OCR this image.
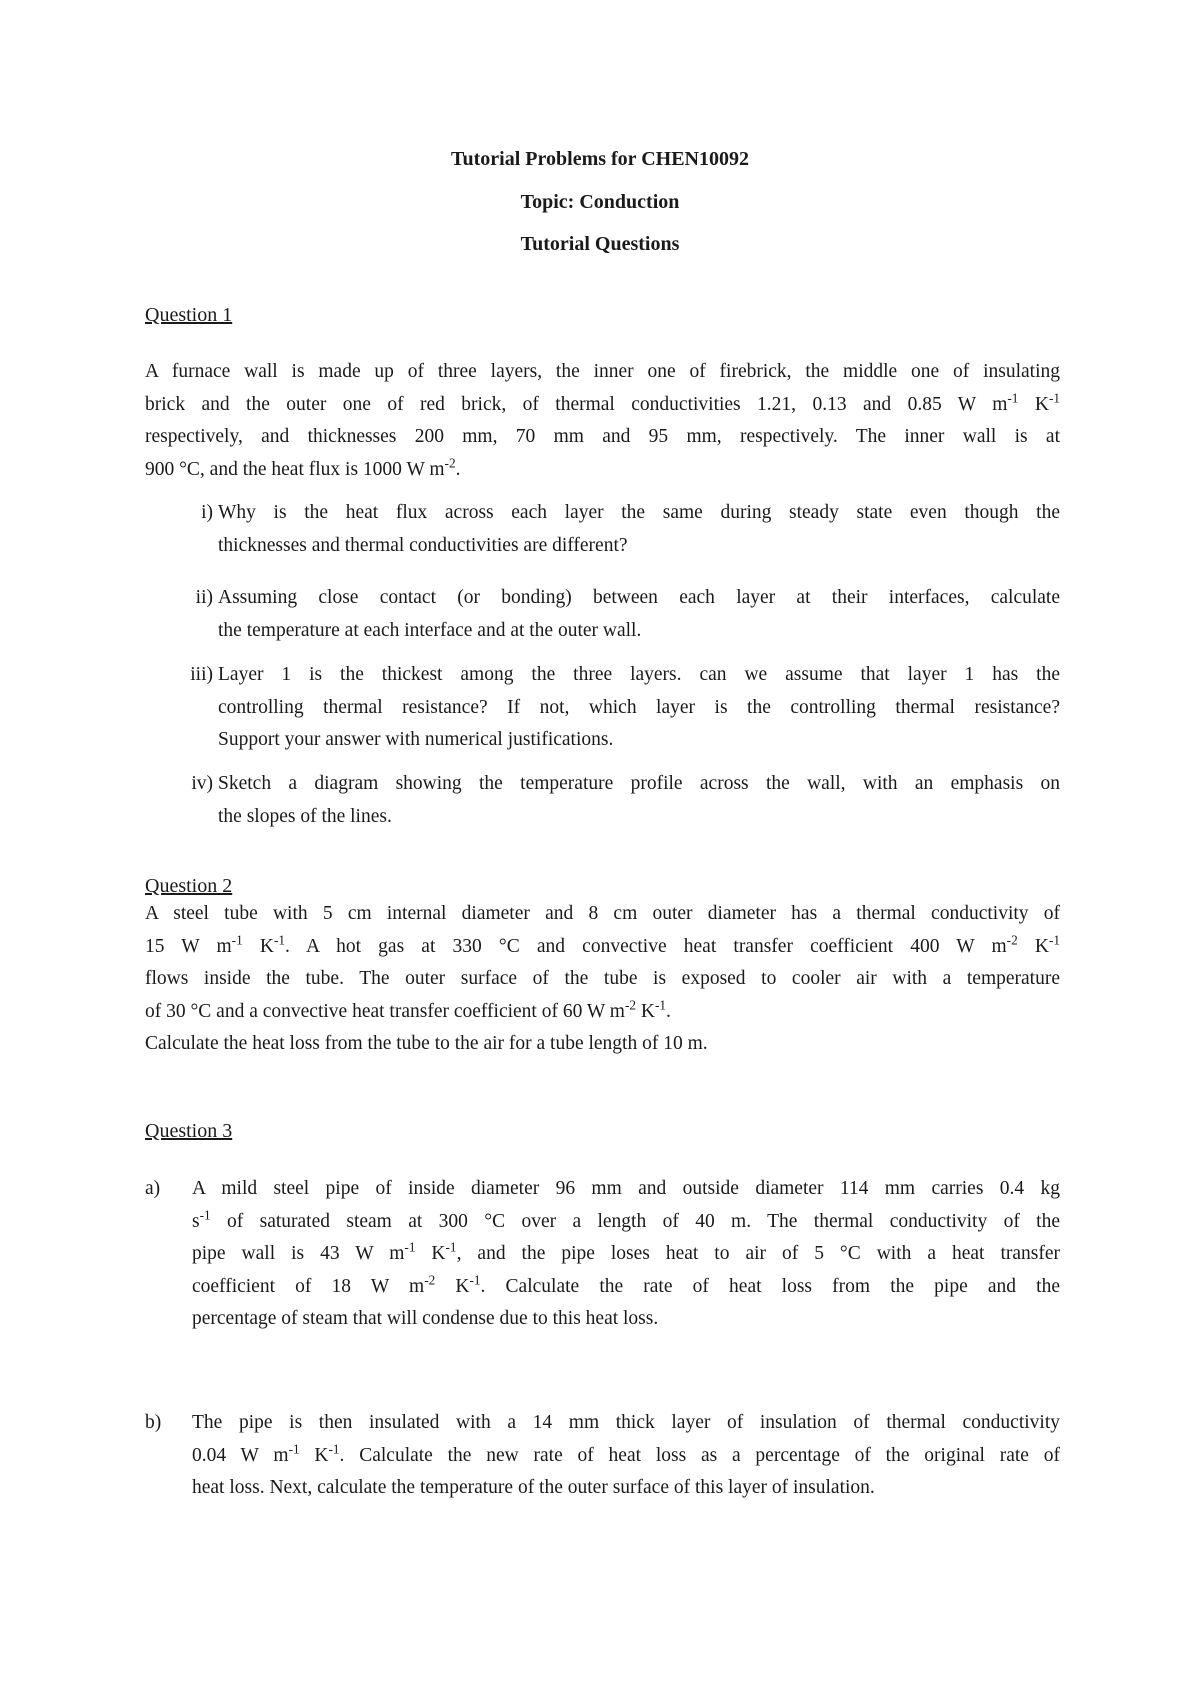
Tutorial Problems for CHEN10092
Topic: Conduction
Tutorial Questions
Question 1
A furnace wall is made up of three layers, the inner one of firebrick, the middle one of insulating
brick and the outer one of red brick, of thermal conductivities 1.21, 0.13 and 0.85 W $m^{-1}$ $K^{-1}$
respectively, and thicknesses 200 mm, 70 mm and 95 mm, respectively. The inner wall is at
900 °C, and the heat flux is 1000 W $m^{-2}$.
i) Why is the heat flux across each layer the same during steady state even though the
thicknesses and thermal conductivities are different?
ii) Assuming close contact (or bonding) between each layer at their interfaces, calculate
the temperature at each interface and at the outer wall.
iii) Layer 1 is the thickest among the three layers. can we assume that layer 1 has the
controlling thermal resistance? If not, which layer is the controlling thermal resistance?
Support your answer with numerical justifications.
iv) Sketch a diagram showing the temperature profile across the wall, with an emphasis on
the slopes of the lines.
Question 2
A steel tube with 5 cm internal diameter and 8 cm outer diameter has a thermal conductivity of
15 W $m^{-1}$ $K^{-1}$. A hot gas at 330 °C and convective heat transfer coefficient 400 W $m^{-2}$ $K^{-1}$
flows inside the tube. The outer surface of the tube is exposed to cooler air with a temperature
of 30 °C and a convective heat transfer coefficient of 60 W $m^{-2}$ $K^{-1}$.
Calculate the heat loss from the tube to the air for a tube length of 10 m.
Question 3
a) A mild steel pipe of inside diameter 96 mm and outside diameter 114 mm carries 0.4 kg
$s^{-1}$ of saturated steam at 300 °C over a length of 40 m. The thermal conductivity of the
pipe wall is 43 W $m^{-1}$ $K^{-1}$, and the pipe loses heat to air of 5 °C with a heat transfer
coefficient of 18 W $m^{-2}$ $K^{-1}$. Calculate the rate of heat loss from the pipe and the
percentage of steam that will condense due to this heat loss.
b) The pipe is then insulated with a 14 mm thick layer of insulation of thermal conductivity
0.04 W $m^{-1}$ $K^{-1}$. Calculate the new rate of heat loss as a percentage of the original rate of
heat loss. Next, calculate the temperature of the outer surface of this layer of insulation.
